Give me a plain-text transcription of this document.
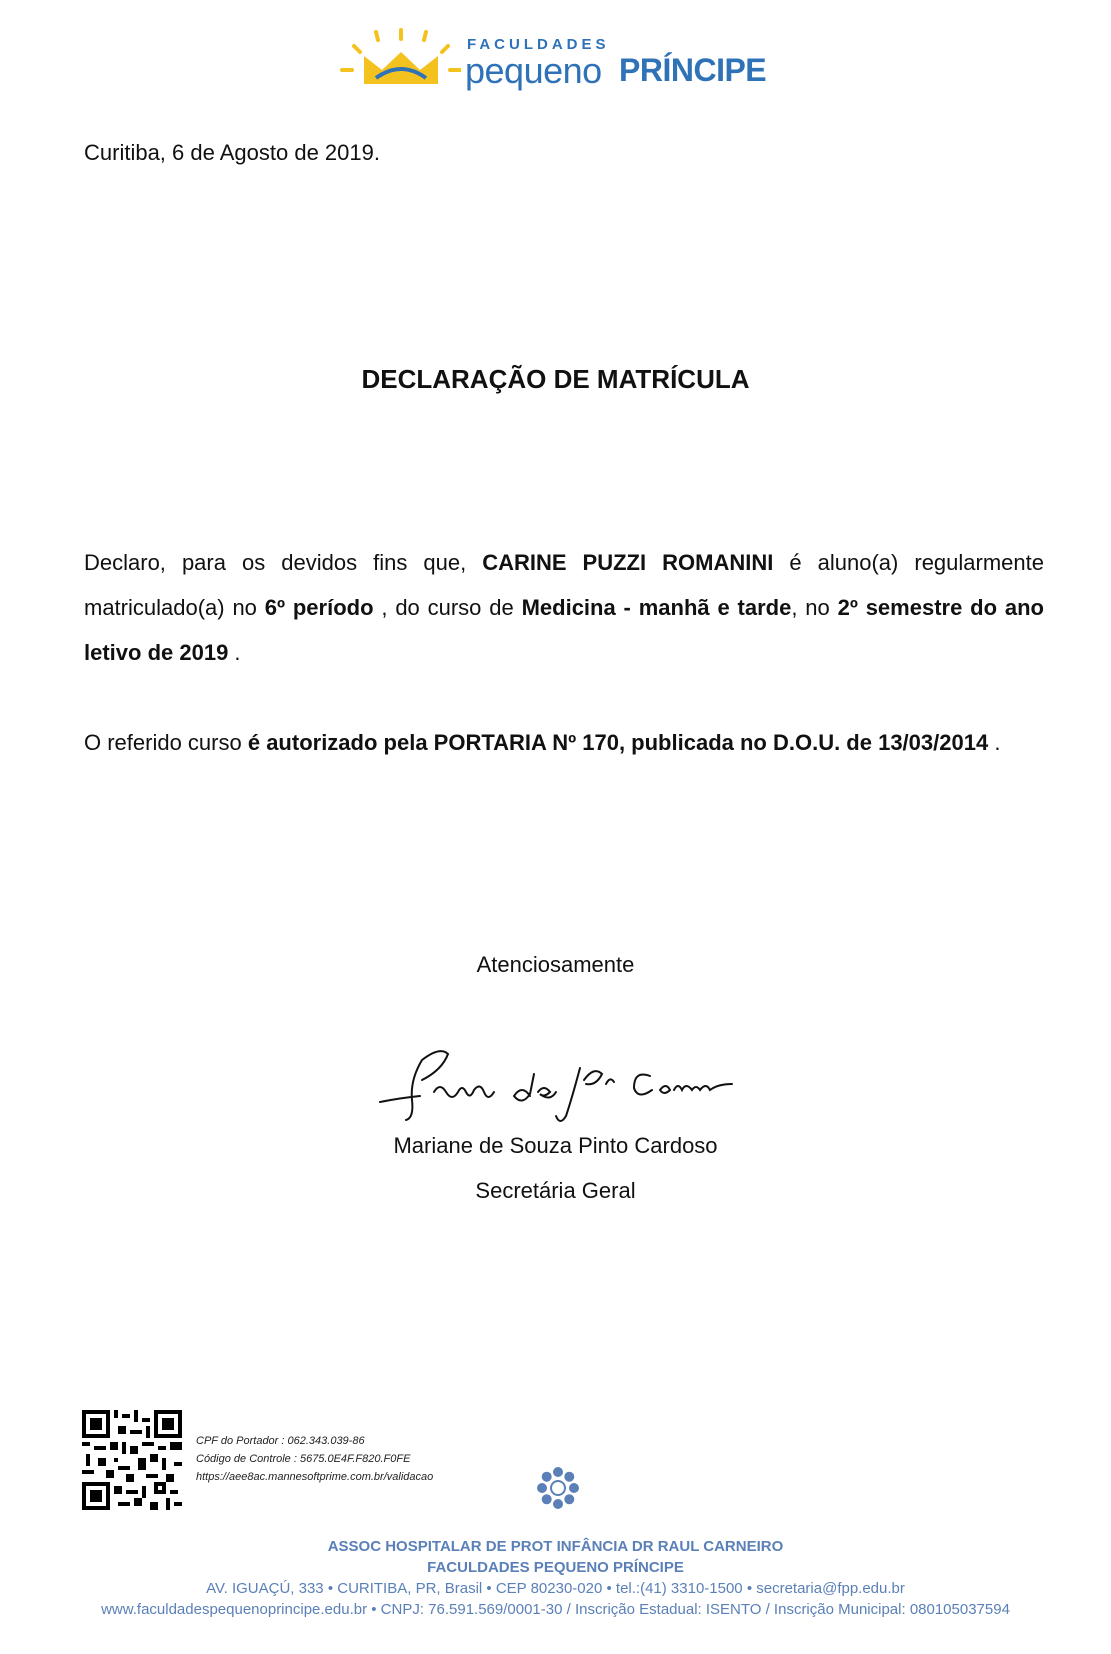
FACULDADES
pequeno PRÍNCIPE
Curitiba, 6 de Agosto de 2019.
DECLARAÇÃO DE MATRÍCULA
Declaro, para os devidos fins que, CARINE PUZZI ROMANINI é aluno(a) regularmente matriculado(a) no 6º período , do curso de Medicina - manhã e tarde, no 2º semestre do ano letivo de 2019 .
O referido curso é autorizado pela PORTARIA Nº 170, publicada no D.O.U. de 13/03/2014 .
Atenciosamente
Mariane de Souza Pinto Cardoso
Secretária Geral
CPF do Portador : 062.343.039-86
Código de Controle : 5675.0E4F.F820.F0FE
https://aee8ac.mannesoftprime.com.br/validacao
ASSOC HOSPITALAR DE PROT INFÂNCIA DR RAUL CARNEIRO
FACULDADES PEQUENO PRÍNCIPE
AV. IGUAÇÚ, 333 • CURITIBA, PR, Brasil • CEP 80230-020 • tel.:(41) 3310-1500 • secretaria@fpp.edu.br
www.faculdadespequenoprincipe.edu.br • CNPJ: 76.591.569/0001-30 / Inscrição Estadual: ISENTO / Inscrição Municipal: 080105037594
